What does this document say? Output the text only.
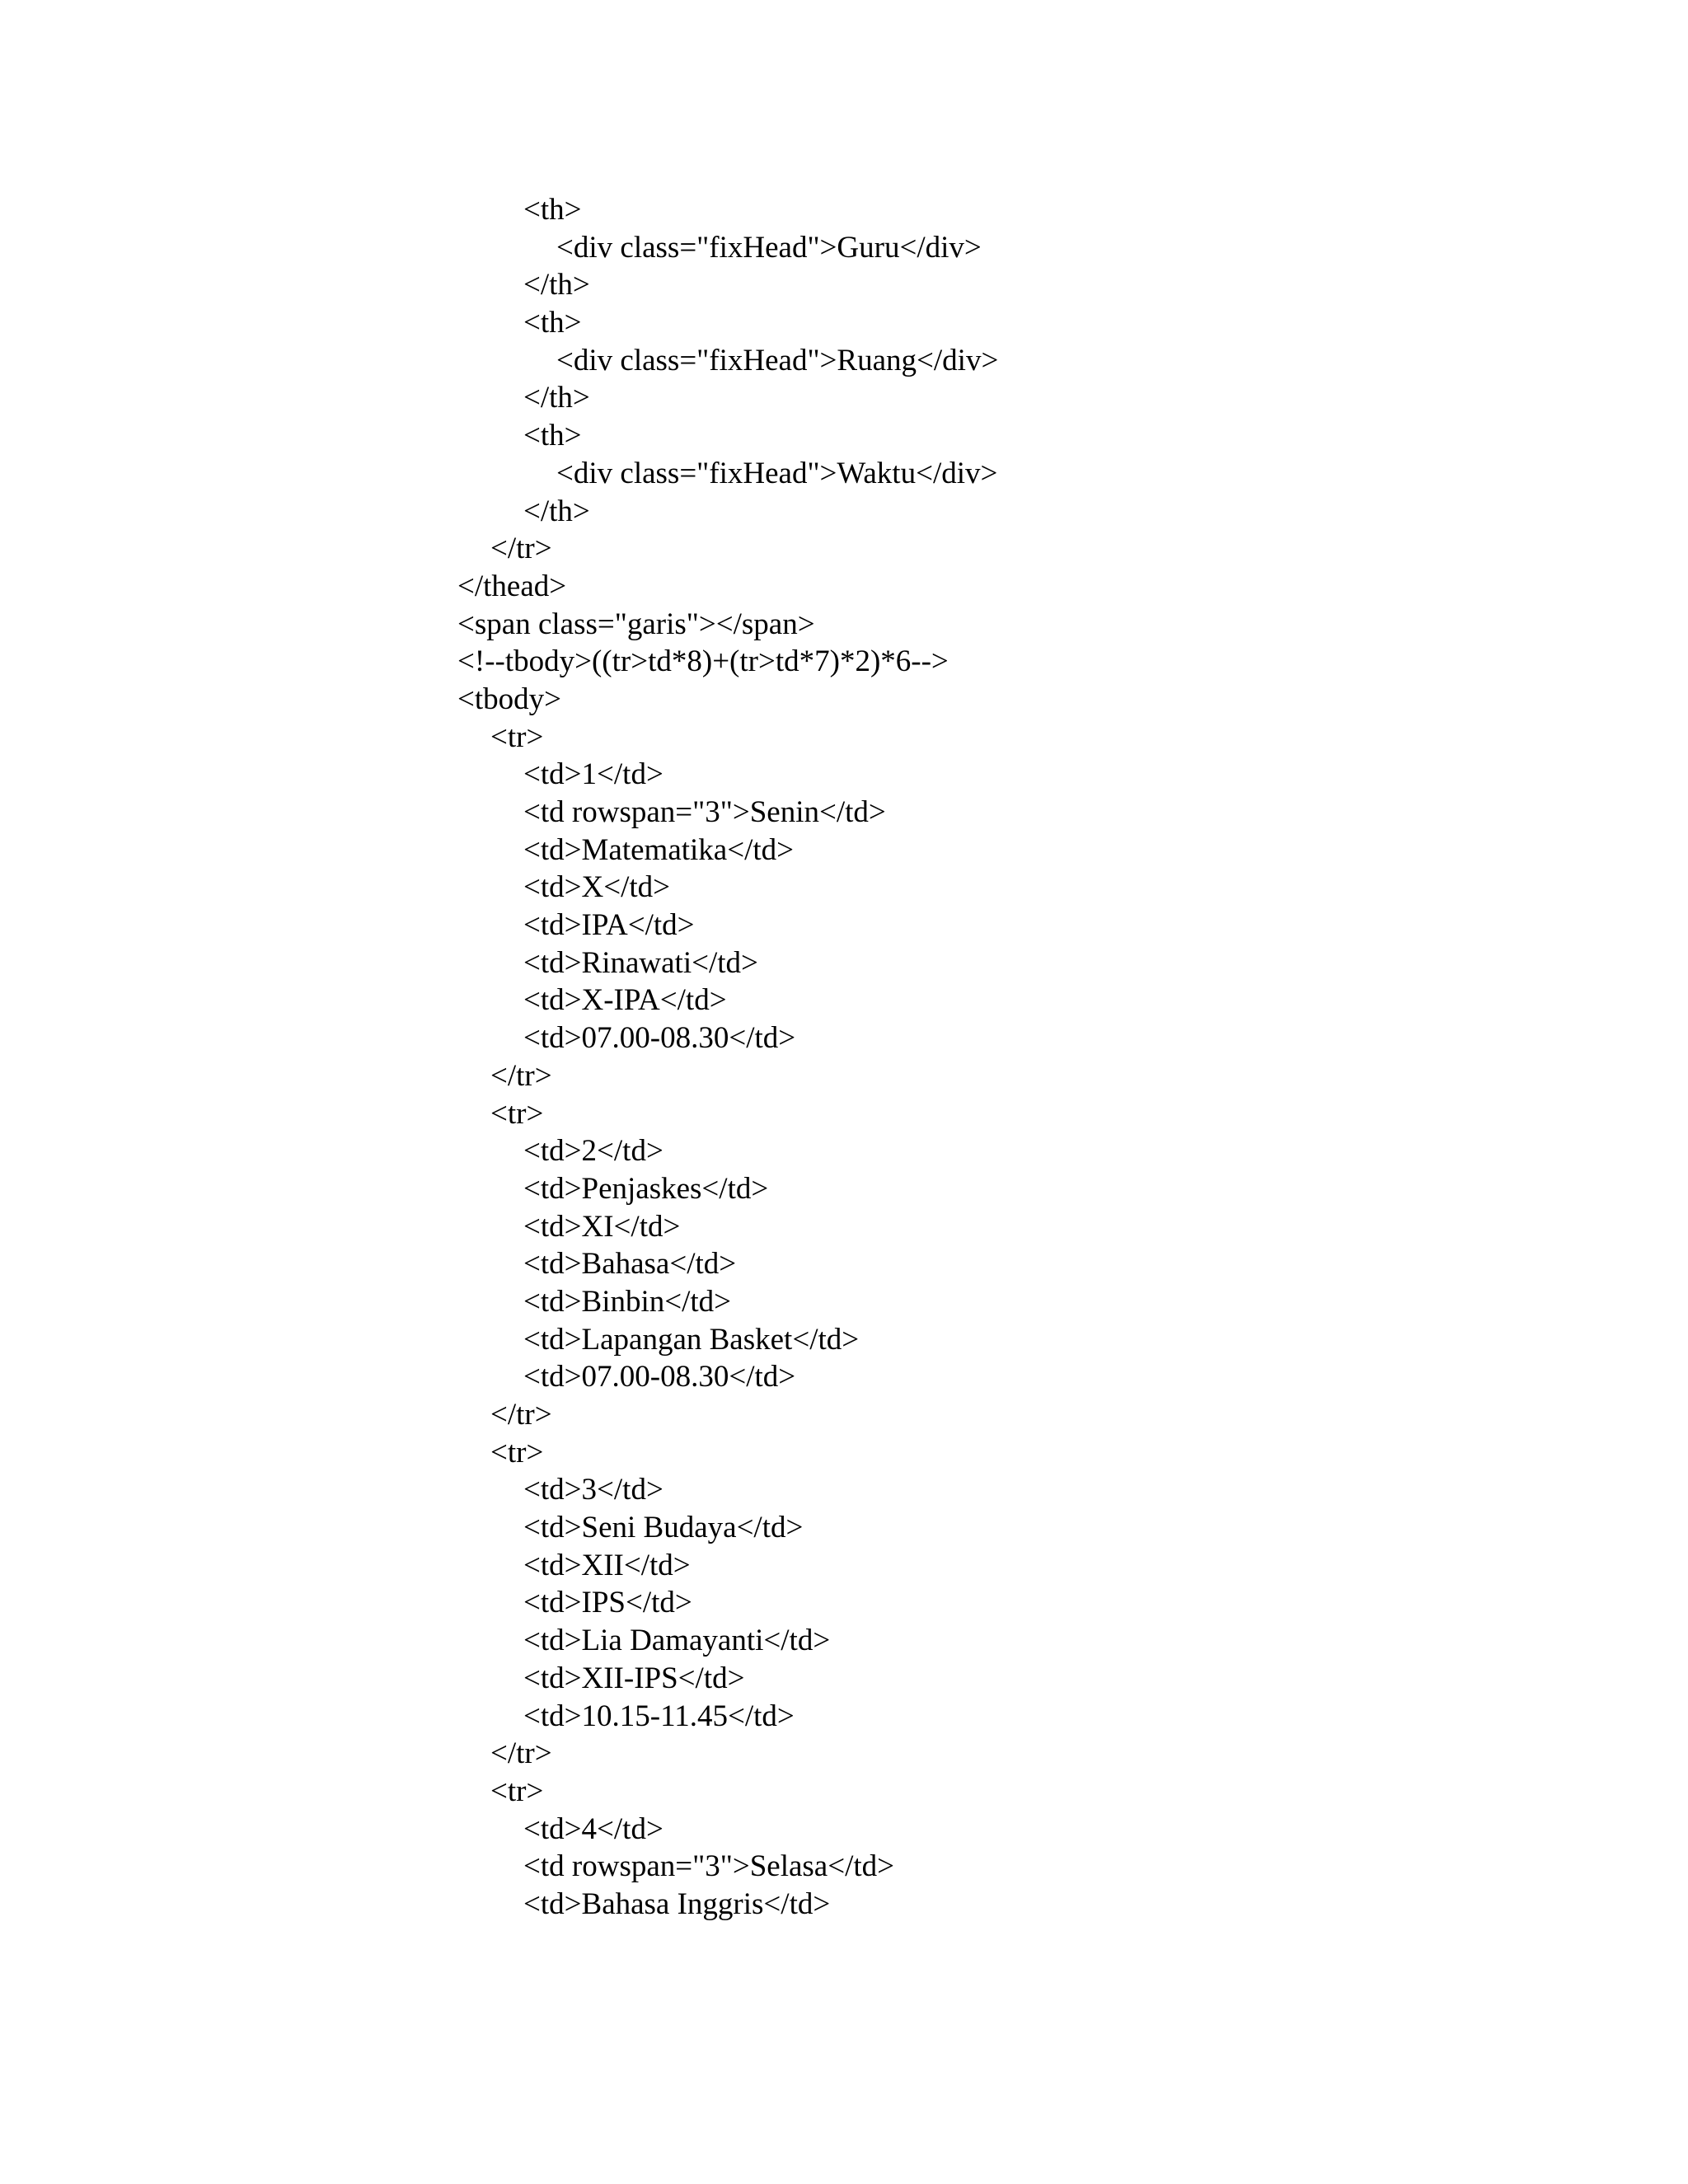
<th>
<div class="fixHead">Guru</div>
</th>
<th>
<div class="fixHead">Ruang</div>
</th>
<th>
<div class="fixHead">Waktu</div>
</th>
</tr>
</thead>
<span class="garis"></span>
<!--tbody>((tr>td*8)+(tr>td*7)*2)*6-->
<tbody>
<tr>
<td>1</td>
<td rowspan="3">Senin</td>
<td>Matematika</td>
<td>X</td>
<td>IPA</td>
<td>Rinawati</td>
<td>X-IPA</td>
<td>07.00-08.30</td>
</tr>
<tr>
<td>2</td>
<td>Penjaskes</td>
<td>XI</td>
<td>Bahasa</td>
<td>Binbin</td>
<td>Lapangan Basket</td>
<td>07.00-08.30</td>
</tr>
<tr>
<td>3</td>
<td>Seni Budaya</td>
<td>XII</td>
<td>IPS</td>
<td>Lia Damayanti</td>
<td>XII-IPS</td>
<td>10.15-11.45</td>
</tr>
<tr>
<td>4</td>
<td rowspan="3">Selasa</td>
<td>Bahasa Inggris</td>
